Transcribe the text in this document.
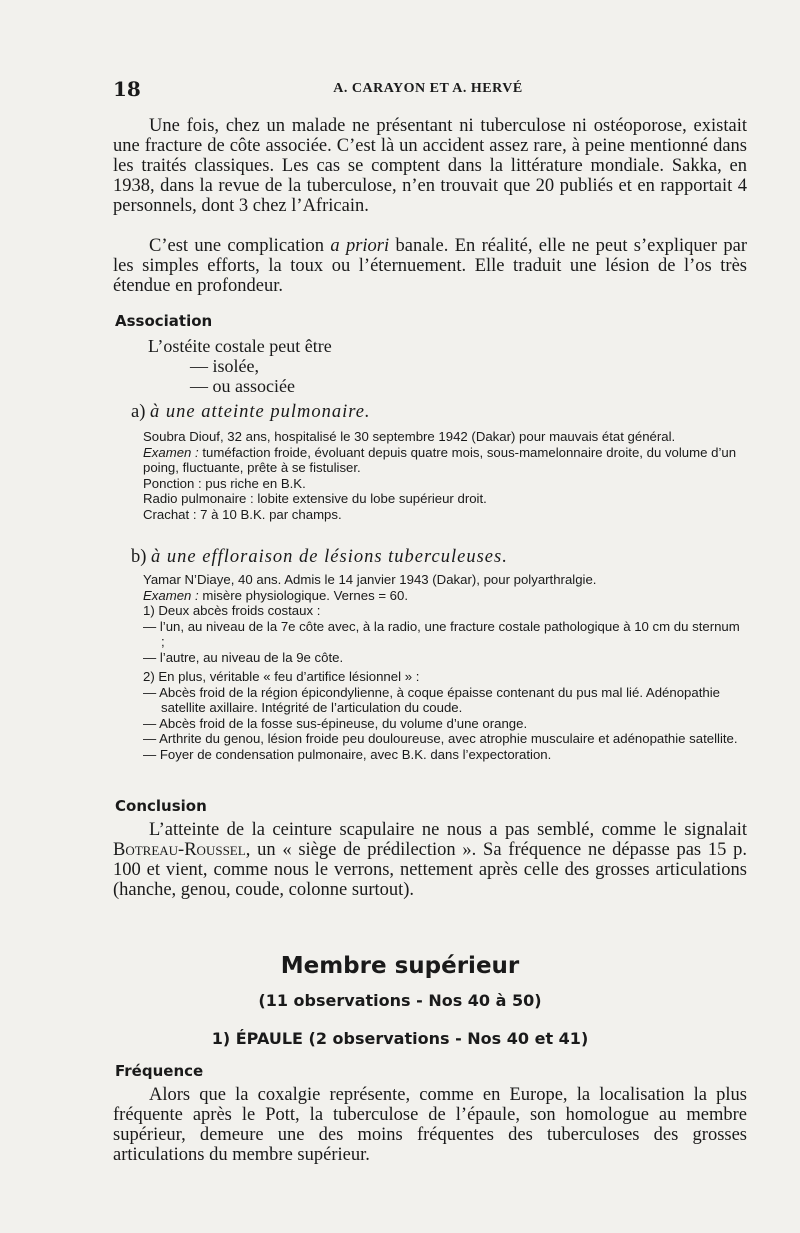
18	A. CARAYON ET A. HERVÉ

Une fois, chez un malade ne présentant ni tuberculose ni ostéoporose, existait une fracture de côte associée. C’est là un accident assez rare, à peine mentionné dans les traités classiques. Les cas se comptent dans la littérature mondiale. Sakka, en 1938, dans la revue de la tuberculose, n’en trouvait que 20 publiés et en rapportait 4 personnels, dont 3 chez l’Africain.

C’est une complication a priori banale. En réalité, elle ne peut s’expliquer par les simples efforts, la toux ou l’éternuement. Elle traduit une lésion de l’os très étendue en profondeur.

Association
L’ostéite costale peut être
— isolée,
— ou associée
a) à une atteinte pulmonaire.

Soubra Diouf, 32 ans, hospitalisé le 30 septembre 1942 (Dakar) pour mauvais état général.

Examen : tuméfaction froide, évoluant depuis quatre mois, sous-mamelonnaire droite, du volume d’un poing, fluctuante, prête à se fistuliser.

Ponction : pus riche en B.K.

Radio pulmonaire : lobite extensive du lobe supérieur droit.

Crachat : 7 à 10 B.K. par champs.

b) à une effloraison de lésions tuberculeuses.

Yamar N’Diaye, 40 ans. Admis le 14 janvier 1943 (Dakar), pour polyarthralgie.

Examen : misère physiologique. Vernes = 60.

1) Deux abcès froids costaux :

— l’un, au niveau de la 7e côte avec, à la radio, une fracture costale pathologique à 10 cm du sternum ;

— l’autre, au niveau de la 9e côte.

2) En plus, véritable « feu d’artifice lésionnel » :

— Abcès froid de la région épicondylienne, à coque épaisse contenant du pus mal lié. Adénopathie satellite axillaire. Intégrité de l’articulation du coude.

— Abcès froid de la fosse sus-épineuse, du volume d’une orange.

— Arthrite du genou, lésion froide peu douloureuse, avec atrophie musculaire et adénopathie satellite.

— Foyer de condensation pulmonaire, avec B.K. dans l’expectoration.

Conclusion

L’atteinte de la ceinture scapulaire ne nous a pas semblé, comme le signalait Botreau-Roussel, un « siège de prédilection ». Sa fréquence ne dépasse pas 15 p. 100 et vient, comme nous le verrons, nettement après celle des grosses articulations (hanche, genou, coude, colonne surtout).

Membre supérieur
(11 observations - Nos 40 à 50)
1) ÉPAULE (2 observations - Nos 40 et 41)
Fréquence

Alors que la coxalgie représente, comme en Europe, la localisation la plus fréquente après le Pott, la tuberculose de l’épaule, son homologue au membre supérieur, demeure une des moins fréquentes des tuberculoses des grosses articulations du membre supérieur.
